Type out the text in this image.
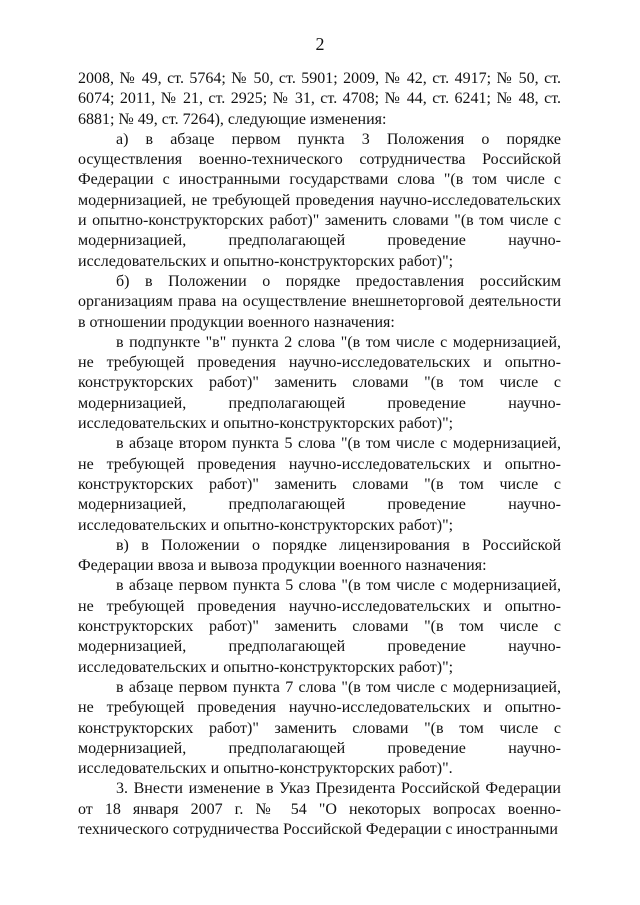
2
2008, № 49, ст. 5764; № 50, ст. 5901; 2009, № 42, ст. 4917; № 50, ст. 6074; 2011, № 21, ст. 2925; № 31, ст. 4708; № 44, ст. 6241; № 48, ст. 6881; № 49, ст. 7264), следующие изменения:
а) в абзаце первом пункта 3 Положения о порядке осуществления военно-технического сотрудничества Российской Федерации с иностранными государствами слова "(в том числе с модернизацией, не требующей проведения научно-исследовательских и опытно-конструкторских работ)" заменить словами "(в том числе с модернизацией, предполагающей проведение научно-исследовательских и опытно-конструкторских работ)";
б) в Положении о порядке предоставления российским организациям права на осуществление внешнеторговой деятельности в отношении продукции военного назначения:
в подпункте "в" пункта 2 слова "(в том числе с модернизацией, не требующей проведения научно-исследовательских и опытно-конструкторских работ)" заменить словами "(в том числе с модернизацией, предполагающей проведение научно-исследовательских и опытно-конструкторских работ)";
в абзаце втором пункта 5 слова "(в том числе с модернизацией, не требующей проведения научно-исследовательских и опытно-конструкторских работ)" заменить словами "(в том числе с модернизацией, предполагающей проведение научно-исследовательских и опытно-конструкторских работ)";
в) в Положении о порядке лицензирования в Российской Федерации ввоза и вывоза продукции военного назначения:
в абзаце первом пункта 5 слова "(в том числе с модернизацией, не требующей проведения научно-исследовательских и опытно-конструкторских работ)" заменить словами "(в том числе с модернизацией, предполагающей проведение научно-исследовательских и опытно-конструкторских работ)";
в абзаце первом пункта 7 слова "(в том числе с модернизацией, не требующей проведения научно-исследовательских и опытно-конструкторских работ)" заменить словами "(в том числе с модернизацией, предполагающей проведение научно-исследовательских и опытно-конструкторских работ)".
3. Внести изменение в Указ Президента Российской Федерации от 18 января 2007 г. № 54 "О некоторых вопросах военно-технического сотрудничества Российской Федерации с иностранными
